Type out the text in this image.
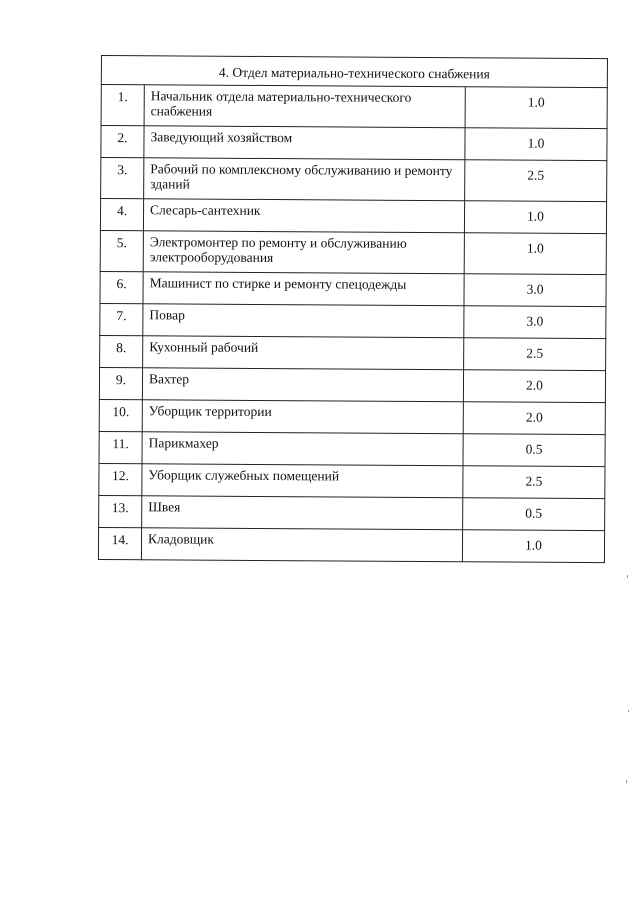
4. Отдел материально-технического снабжения		
1.	Начальник отдела материально-технического снабжения	1.0
2.	Заведующий хозяйством	1.0
3.	Рабочий по комплексному обслуживанию и ремонту зданий	2.5
4.	Слесарь-сантехник	1.0
5.	Электромонтер по ремонту и обслуживанию электрооборудования	1.0
6.	Машинист по стирке и ремонту спецодежды	3.0
7.	Повар	3.0
8.	Кухонный рабочий	2.5
9.	Вахтер	2.0
10.	Уборщик территории	2.0
11.	Парикмахер	0.5
12.	Уборщик служебных помещений	2.5
13.	Швея	0.5
14.	Кладовщик	1.0
